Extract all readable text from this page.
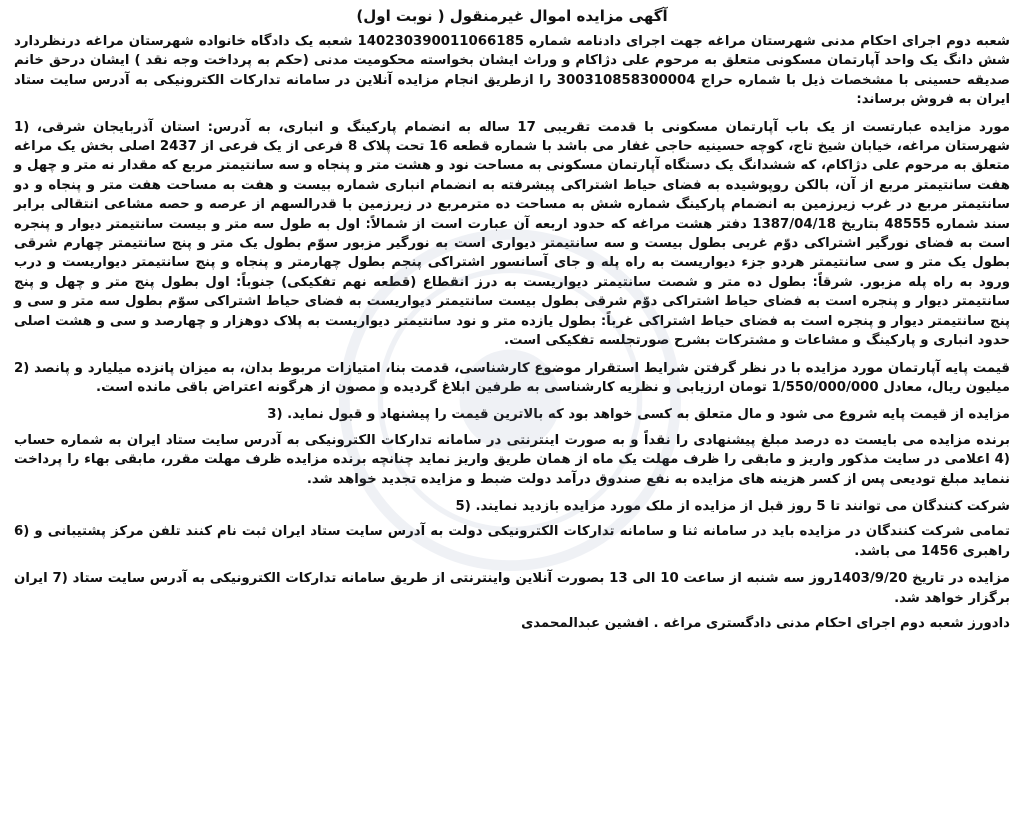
آگهی مزایده اموال غیرمنقول ( نوبت اول)

شعبه دوم اجرای احکام مدنی شهرستان مراغه جهت اجرای دادنامه شماره 140230390011066185 شعبه یک دادگاه خانواده شهرستان مراغه درنظردارد شش دانگ یک واحد آپارتمان مسکونی متعلق به مرحوم علی دژاکام و وراث ایشان بخواسته محکومیت مدنی (حکم به پرداخت وجه نقد ) ایشان درحق خانم صدیقه حسینی با مشخصات ذیل با شماره حراج 300310858300004 را ازطریق انجام مزایده آنلاین در سامانه تدارکات الکترونیکی به آدرس سایت ستاد ایران به فروش برساند:

مورد مزایده عبارتست از یک باب آپارتمان مسکونی با قدمت تقریبی 17 ساله به انضمام پارکینگ و انباری، به آدرس: استان آذربایجان شرقی، (1 شهرستان مراغه، خیابان شیخ تاج، کوچه حسینیه حاجی غفار می باشد با شماره قطعه 16 تحت پلاک 8 فرعی از یک فرعی از 2437 اصلی بخش یک مراغه متعلق به مرحوم علی دژاکام، که ششدانگ یک دستگاه آپارتمان مسکونی به مساحت نود و هشت متر و پنجاه و سه سانتیمتر مربع که مقدار نه متر و چهل و هفت سانتیمتر مربع از آن، بالکن روپوشیده به فضای حیاط اشتراکی پیشرفته به انضمام انباری شماره بیست و هفت به مساحت هفت متر و پنجاه و دو سانتیمتر مربع در غرب زیرزمین به انضمام پارکینگ شماره شش به مساحت ده مترمربع در زیرزمین با قدرالسهم از عرصه و حصه مشاعی انتقالی برابر سند شماره 48555 بتاریخ 1387/04/18 دفتر هشت مراغه که حدود اربعه آن عبارت است از شمالاً: اول به طول سه متر و بیست سانتیمتر دیوار و پنجره است به فضای نورگیر اشتراکی دوّم غربی بطول بیست و سه سانتیمتر دیواری است به نورگیر مزبور سوّم بطول یک متر و پنج سانتیمتر چهارم شرقی بطول یک متر و سی سانتیمتر هردو جزء دیواریست به راه پله و جای آسانسور اشتراکی پنجم بطول چهارمتر و پنجاه و پنج سانتیمتر دیواریست و درب ورود به راه پله مزبور. شرقاً: بطول ده متر و شصت سانتیمتر دیواریست به درز انقطاع (قطعه نهم تفکیکی) جنوباً: اول بطول پنج متر و چهل و پنج سانتیمتر دیوار و پنجره است به فضای حیاط اشتراکی دوّم شرقی بطول بیست سانتیمتر دیواریست به فضای حیاط اشتراکی سوّم بطول سه متر و سی و پنج سانتیمتر دیوار و پنجره است به فضای حیاط اشتراکی غرباً: بطول یازده متر و نود سانتیمتر دیواریست به پلاک دوهزار و چهارصد و سی و هشت اصلی حدود انباری و پارکینگ و مشاعات و مشترکات بشرح صورتجلسه تفکیکی است.

قیمت پایه آپارتمان مورد مزایده با در نظر گرفتن شرایط استقرار موضوع کارشناسی، قدمت بنا، امتیازات مربوط بدان، به میزان پانزده میلیارد و پانصد (2 میلیون ریال، معادل 1/550/000/000 تومان ارزیابی و نظریه کارشناسی به طرفین ابلاغ گردیده و مصون از هرگونه اعتراض باقی مانده است.

مزایده از قیمت پایه شروع می شود و مال متعلق به کسی خواهد بود که بالاترین قیمت را پیشنهاد و قبول نماید. (3

برنده مزایده می بایست ده درصد مبلغ پیشنهادی را نقداً و به صورت اینترنتی در سامانه تدارکات الکترونیکی به آدرس سایت ستاد ایران به شماره حساب (4 اعلامی در سایت مذکور واریز و مابقی را ظرف مهلت یک ماه از همان طریق واریز نماید چنانچه برنده مزایده ظرف مهلت مقرر، مابقی بهاء را پرداخت ننماید مبلغ تودیعی پس از کسر هزینه های مزایده به نفع صندوق درآمد دولت ضبط و مزایده تجدید خواهد شد.

شرکت کنندگان می توانند تا 5 روز قبل از مزایده از ملک مورد مزایده بازدید نمایند. (5

تمامی شرکت کنندگان در مزایده باید در سامانه ثنا و سامانه تدارکات الکترونیکی دولت به آدرس سایت ستاد ایران ثبت نام کنند تلفن مرکز پشتیبانی و (6 راهبری 1456 می باشد.

مزایده در تاریخ 1403/9/20روز سه شنبه از ساعت 10 الی 13 بصورت آنلاین واینترنتی از طریق سامانه تدارکات الکترونیکی به آدرس سایت ستاد (7 ایران برگزار خواهد شد.

دادورز شعبه دوم اجرای احکام مدنی دادگستری مراغه . افشین عبدالمحمدی
